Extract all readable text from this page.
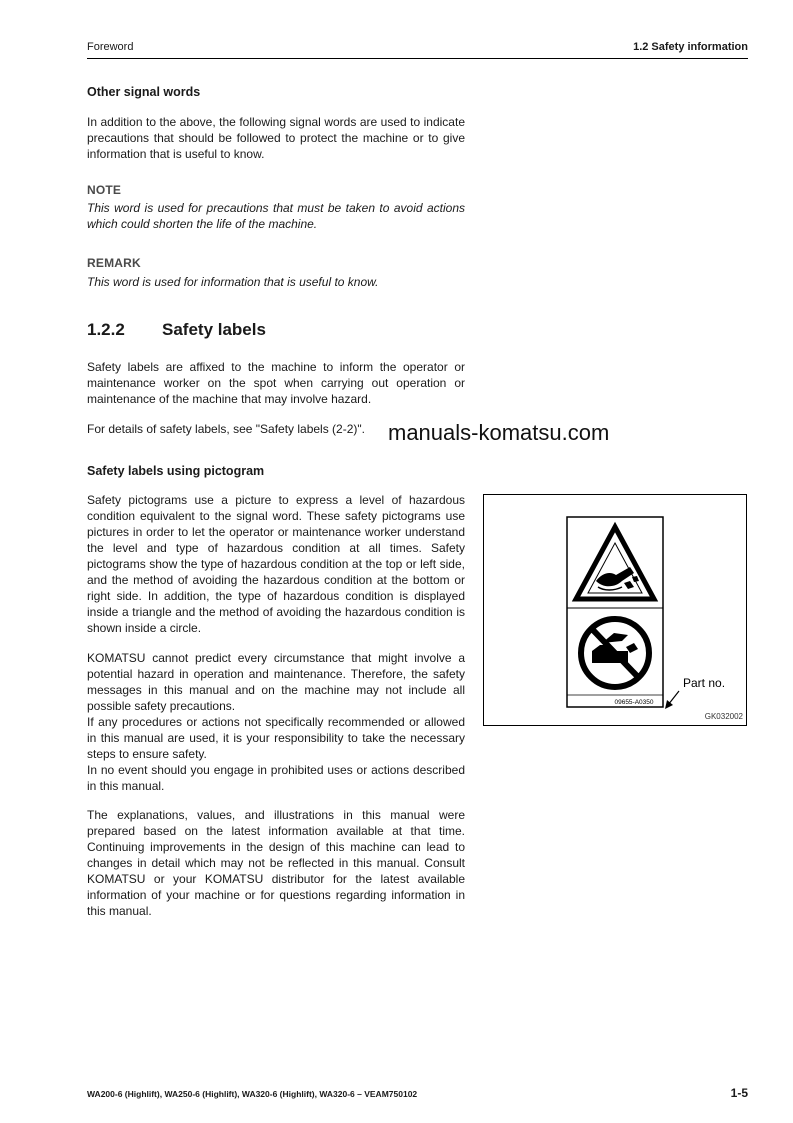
Foreword	1.2 Safety information
Other signal words

In addition to the above, the following signal words are used to indicate precautions that should be followed to protect the machine or to give information that is useful to know.

NOTE

This word is used for precautions that must be taken to avoid actions which could shorten the life of the machine.

REMARK

This word is used for information that is useful to know.

1.2.2 Safety labels

Safety labels are affixed to the machine to inform the operator or maintenance worker on the spot when carrying out operation or maintenance of the machine that may involve hazard.

For details of safety labels, see "Safety labels (2-2)".	manuals-komatsu.com
Safety labels using pictogram

Safety pictograms use a picture to express a level of hazardous condition equivalent to the signal word. These safety pictograms use pictures in order to let the operator or maintenance worker understand the level and type of hazardous condition at all times. Safety pictograms show the type of hazardous condition at the top or left side, and the method of avoiding the hazardous condition at the bottom or right side. In addition, the type of hazardous condition is displayed inside a triangle and the method of avoiding the hazardous condition is shown inside a circle.

KOMATSU cannot predict every circumstance that might involve a potential hazard in operation and maintenance. Therefore, the safety messages in this manual and on the machine may not include all possible safety precautions.

If any procedures or actions not specifically recommended or allowed in this manual are used, it is your responsibility to take the necessary steps to ensure safety.

In no event should you engage in prohibited uses or actions described in this manual.

The explanations, values, and illustrations in this manual were prepared based on the latest information available at that time. Continuing improvements in the design of this machine can lead to changes in detail which may not be reflected in this manual. Consult KOMATSU or your KOMATSU distributor for the latest available information of your machine or for questions regarding information in this manual.

09655-A0350
Part no.
GK032002
WA200-6 (Highlift), WA250-6 (Highlift), WA320-6 (Highlift), WA320-6 – VEAM750102	1-5
